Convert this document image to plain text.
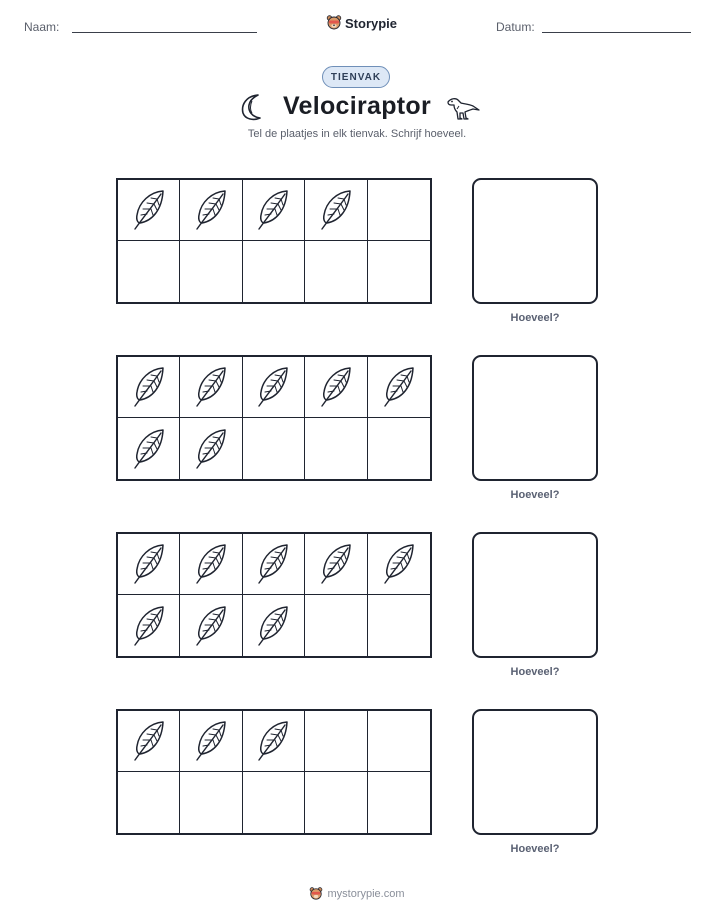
Naam:	Storypie	Datum:
TIENVAK
Velociraptor
Tel de plaatjes in elk tienvak. Schrijf hoeveel.
Hoeveel?
Hoeveel?
Hoeveel?
Hoeveel?
mystorypie.com
